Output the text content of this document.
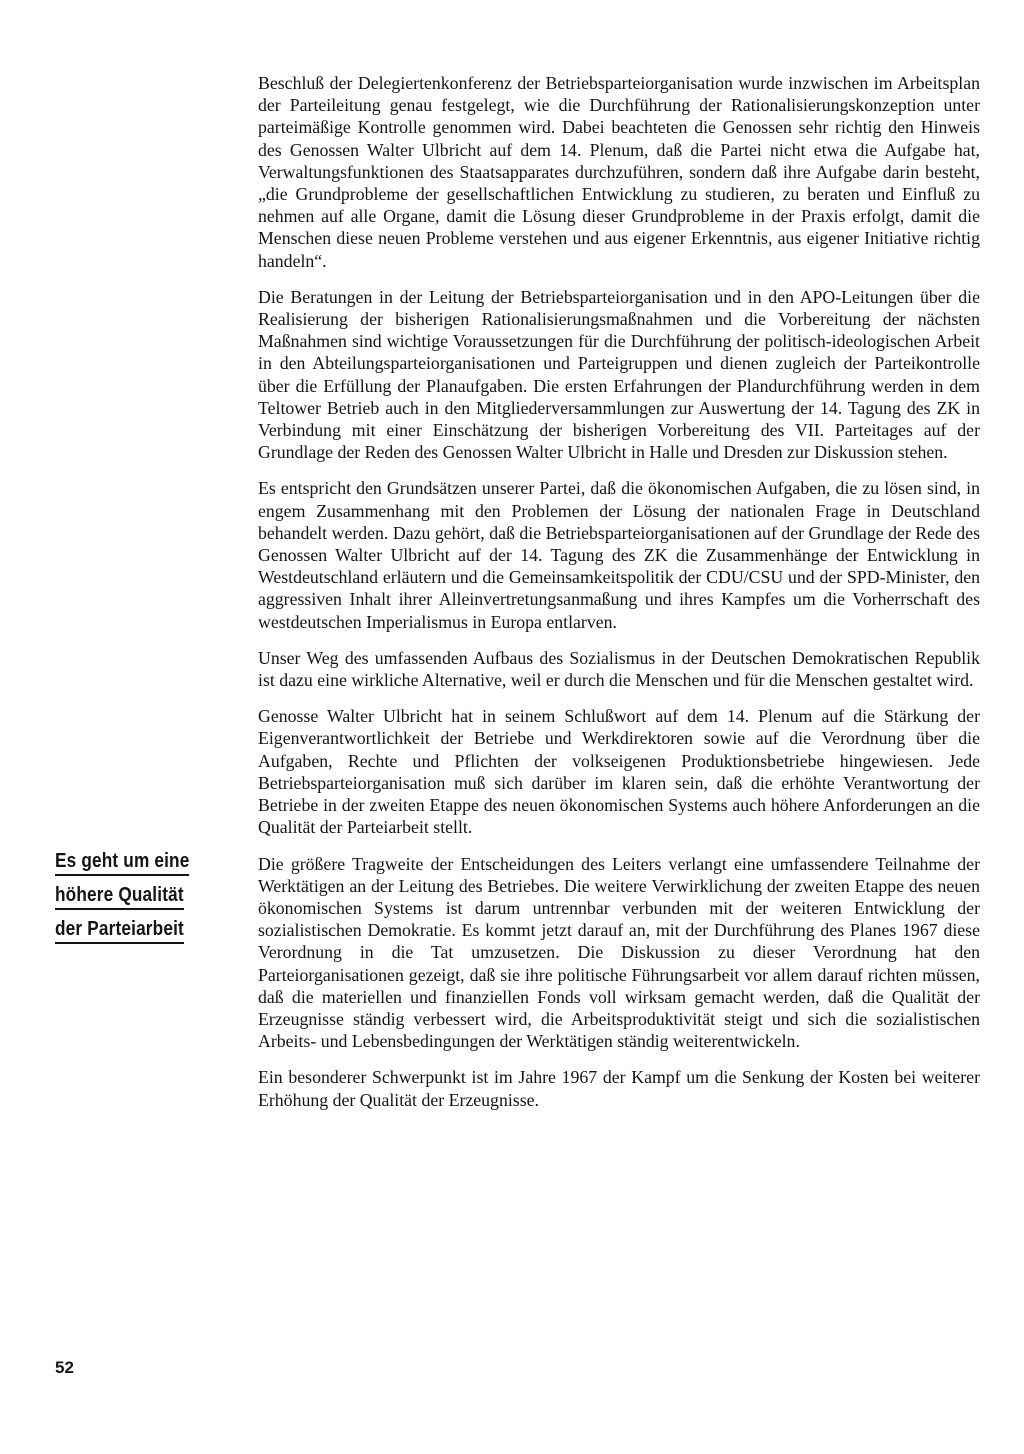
Beschluß der Delegiertenkonferenz der Betriebsparteiorganisation wurde inzwischen im Arbeitsplan der Parteileitung genau festgelegt, wie die Durchführung der Rationalisierungskonzeption unter parteimäßige Kontrolle genommen wird. Dabei beachteten die Genossen sehr richtig den Hinweis des Genossen Walter Ulbricht auf dem 14. Plenum, daß die Partei nicht etwa die Aufgabe hat, Verwaltungsfunktionen des Staatsapparates durchzuführen, sondern daß ihre Aufgabe darin besteht, „die Grundprobleme der gesellschaftlichen Entwicklung zu studieren, zu beraten und Einfluß zu nehmen auf alle Organe, damit die Lösung dieser Grundprobleme in der Praxis erfolgt, damit die Menschen diese neuen Probleme verstehen und aus eigener Erkenntnis, aus eigener Initiative richtig handeln“.

Die Beratungen in der Leitung der Betriebsparteiorganisation und in den APO-Leitungen über die Realisierung der bisherigen Rationalisierungsmaßnahmen und die Vorbereitung der nächsten Maßnahmen sind wichtige Voraussetzungen für die Durchführung der politisch-ideologischen Arbeit in den Abteilungsparteiorganisationen und Parteigruppen und dienen zugleich der Parteikontrolle über die Erfüllung der Planaufgaben. Die ersten Erfahrungen der Plandurchführung werden in dem Teltower Betrieb auch in den Mitgliederversammlungen zur Auswertung der 14. Tagung des ZK in Verbindung mit einer Einschätzung der bisherigen Vorbereitung des VII. Parteitages auf der Grundlage der Reden des Genossen Walter Ulbricht in Halle und Dresden zur Diskussion stehen.

Es entspricht den Grundsätzen unserer Partei, daß die ökonomischen Aufgaben, die zu lösen sind, in engem Zusammenhang mit den Problemen der Lösung der nationalen Frage in Deutschland behandelt werden. Dazu gehört, daß die Betriebsparteiorganisationen auf der Grundlage der Rede des Genossen Walter Ulbricht auf der 14. Tagung des ZK die Zusammenhänge der Entwicklung in Westdeutschland erläutern und die Gemeinsamkeitspolitik der CDU/CSU und der SPD-Minister, den aggressiven Inhalt ihrer Alleinvertretungsanmaßung und ihres Kampfes um die Vorherrschaft des westdeutschen Imperialismus in Europa entlarven.

Unser Weg des umfassenden Aufbaus des Sozialismus in der Deutschen Demokratischen Republik ist dazu eine wirkliche Alternative, weil er durch die Menschen und für die Menschen gestaltet wird.

Genosse Walter Ulbricht hat in seinem Schlußwort auf dem 14. Plenum auf die Stärkung der Eigenverantwortlichkeit der Betriebe und Werkdirektoren sowie auf die Verordnung über die Aufgaben, Rechte und Pflichten der volkseigenen Produktionsbetriebe hingewiesen. Jede Betriebsparteiorganisation muß sich darüber im klaren sein, daß die erhöhte Verantwortung der Betriebe in der zweiten Etappe des neuen ökonomischen Systems auch höhere Anforderungen an die Qualität der Parteiarbeit stellt.

Die größere Tragweite der Entscheidungen des Leiters verlangt eine umfassendere Teilnahme der Werktätigen an der Leitung des Betriebes. Die weitere Verwirklichung der zweiten Etappe des neuen ökonomischen Systems ist darum untrennbar verbunden mit der weiteren Entwicklung der sozialistischen Demokratie. Es kommt jetzt darauf an, mit der Durchführung des Planes 1967 diese Verordnung in die Tat umzusetzen. Die Diskussion zu dieser Verordnung hat den Parteiorganisationen gezeigt, daß sie ihre politische Führungsarbeit vor allem darauf richten müssen, daß die materiellen und finanziellen Fonds voll wirksam gemacht werden, daß die Qualität der Erzeugnisse ständig verbessert wird, die Arbeitsproduktivität steigt und sich die sozialistischen Arbeits- und Lebensbedingungen der Werktätigen ständig weiterentwickeln.

Ein besonderer Schwerpunkt ist im Jahre 1967 der Kampf um die Senkung der Kosten bei weiterer Erhöhung der Qualität der Erzeugnisse.

Es geht um eine
höhere Qualität
der Parteiarbeit
52
